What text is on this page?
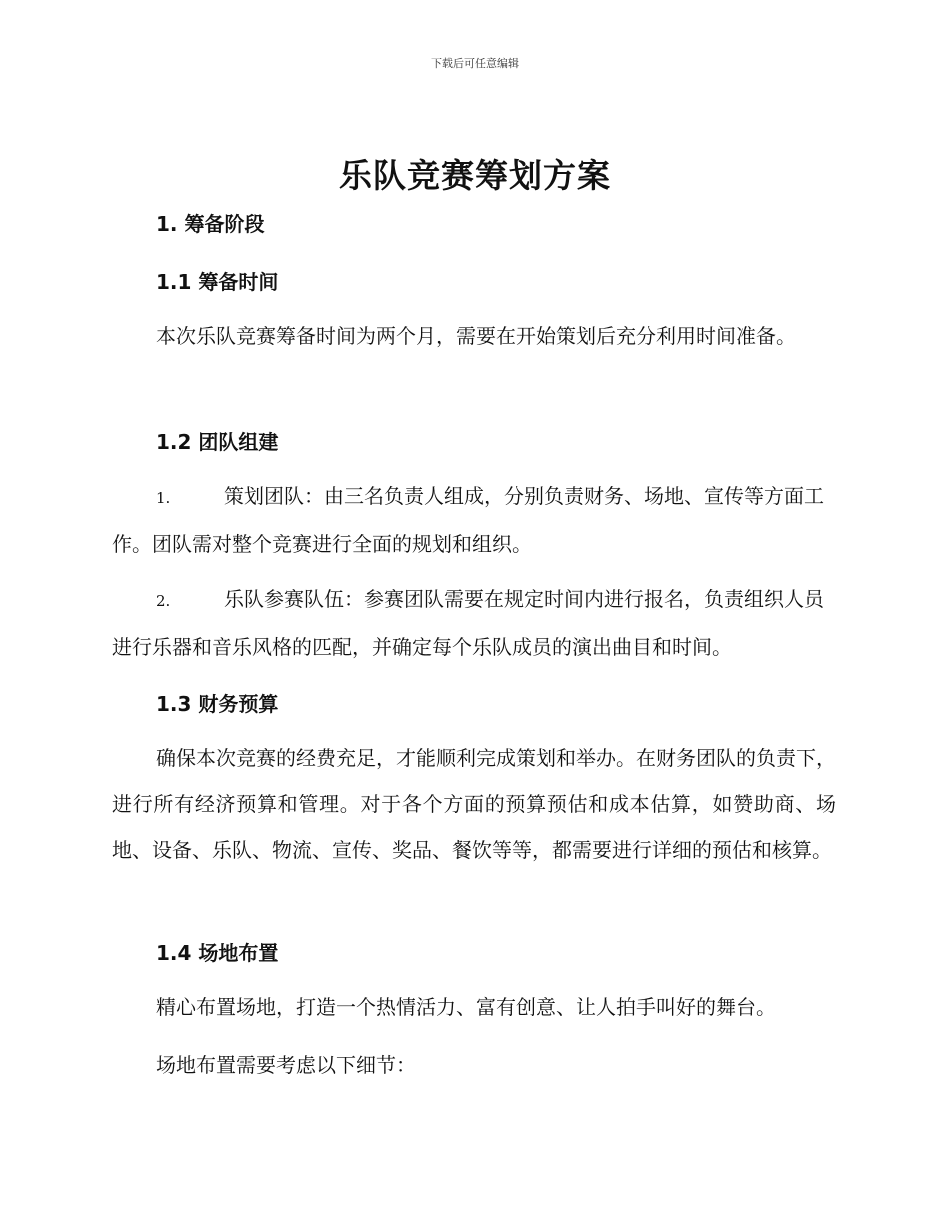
下载后可任意编辑
乐队竞赛筹划方案
1. 筹备阶段
1.1 筹备时间
本次乐队竞赛筹备时间为两个月，需要在开始策划后充分利用时间准备。
1.2 团队组建
1.	策划团队：由三名负责人组成，分别负责财务、场地、宣传等方面工作。团队需对整个竞赛进行全面的规划和组织。
2.	乐队参赛队伍：参赛团队需要在规定时间内进行报名，负责组织人员进行乐器和音乐风格的匹配，并确定每个乐队成员的演出曲目和时间。
1.3 财务预算
确保本次竞赛的经费充足，才能顺利完成策划和举办。在财务团队的负责下，进行所有经济预算和管理。对于各个方面的预算预估和成本估算，如赞助商、场地、设备、乐队、物流、宣传、奖品、餐饮等等，都需要进行详细的预估和核算。
1.4 场地布置
精心布置场地，打造一个热情活力、富有创意、让人拍手叫好的舞台。
场地布置需要考虑以下细节：
